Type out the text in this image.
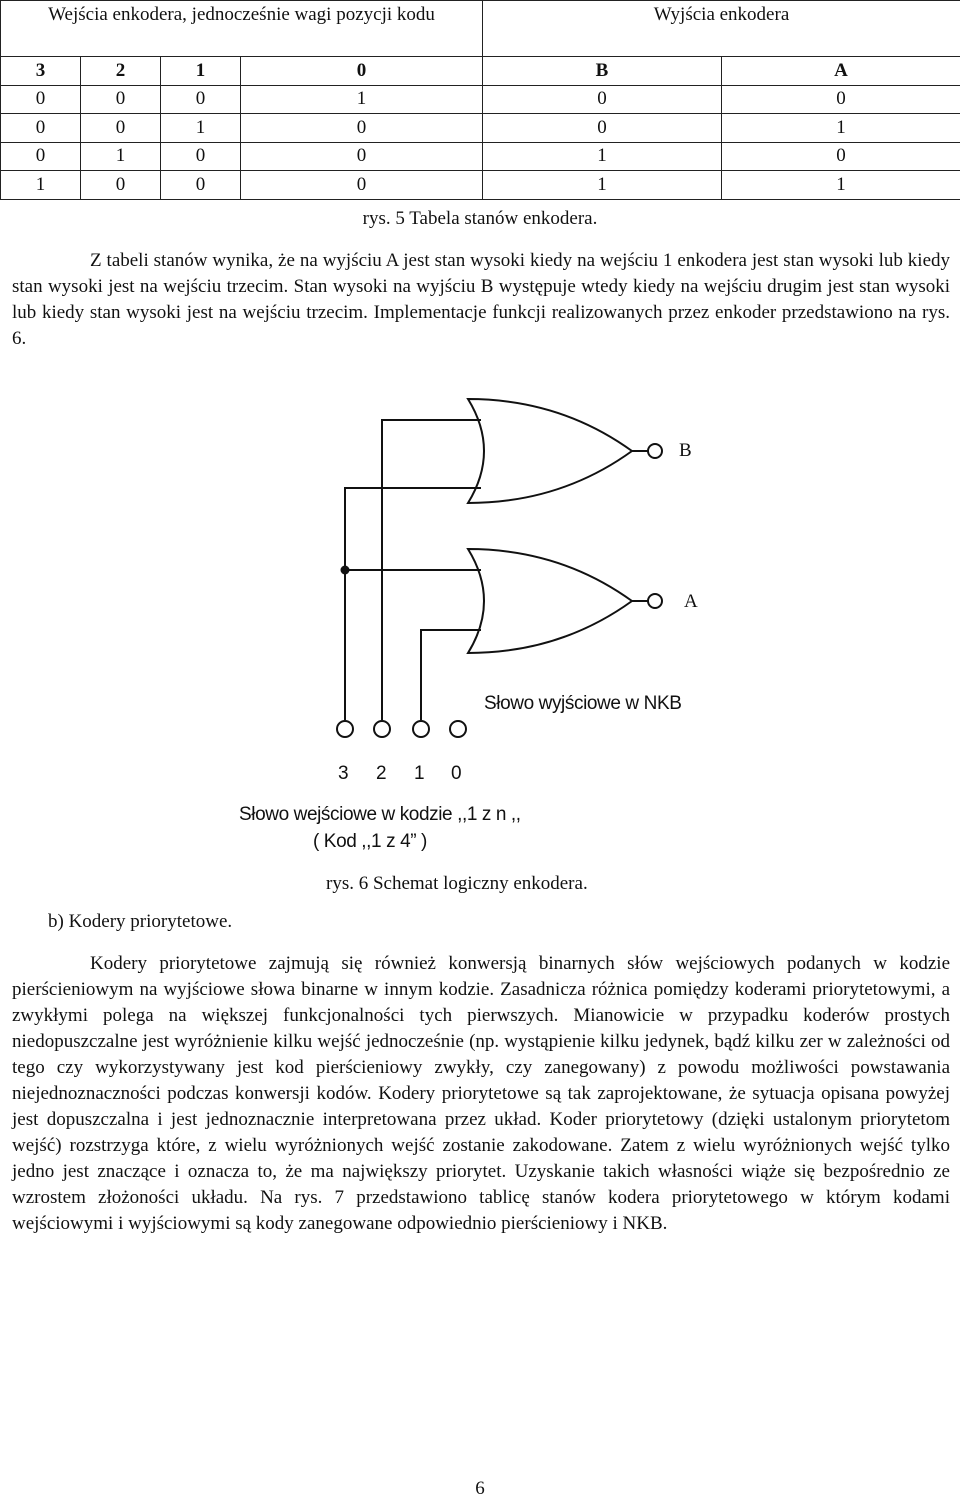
Wejścia enkodera, jednocześnie wagi pozycji kodu				Wyjścia enkodera	
3	2	1	0	B	A
0	0	0	1	0	0
0	0	1	0	0	1
0	1	0	0	1	0
1	0	0	0	1	1
rys. 5 Tabela stanów enkodera.

Z tabeli stanów wynika, że na wyjściu A jest stan wysoki kiedy na wejściu 1 enkodera jest stan wysoki lub kiedy stan wysoki jest na wejściu trzecim. Stan wysoki na wyjściu B występuje wtedy kiedy na wejściu drugim jest stan wysoki lub kiedy stan wysoki jest na wejściu trzecim. Implementacje funkcji realizowanych przez enkoder przedstawiono na rys. 6.

B
A
Słowo wyjściowe w NKB
3 2 1 0
Słowo wejściowe w kodzie ,,1 z n ,,
( Kod ,,1 z 4” )
rys. 6 Schemat logiczny enkodera.
b) Kodery priorytetowe.

Kodery priorytetowe zajmują się również konwersją binarnych słów wejściowych podanych w kodzie pierścieniowym na wyjściowe słowa binarne w innym kodzie. Zasadnicza różnica pomiędzy koderami priorytetowymi, a zwykłymi polega na większej funkcjonalności tych pierwszych. Mianowicie w przypadku koderów prostych niedopuszczalne jest wyróżnienie kilku wejść jednocześnie (np. wystąpienie kilku jedynek, bądź kilku zer w zależności od tego czy wykorzystywany jest kod pierścieniowy zwykły, czy zanegowany) z powodu możliwości powstawania niejednoznaczności podczas konwersji kodów. Kodery priorytetowe są tak zaprojektowane, że sytuacja opisana powyżej jest dopuszczalna i jest jednoznacznie interpretowana przez układ. Koder priorytetowy (dzięki ustalonym priorytetom wejść) rozstrzyga które, z wielu wyróżnionych wejść zostanie zakodowane. Zatem z wielu wyróżnionych wejść tylko jedno jest znaczące i oznacza to, że ma największy priorytet. Uzyskanie takich własności wiąże się bezpośrednio ze wzrostem złożoności układu. Na rys. 7 przedstawiono tablicę stanów kodera priorytetowego w którym kodami wejściowymi i wyjściowymi są kody zanegowane odpowiednio pierścieniowy i NKB.

6
